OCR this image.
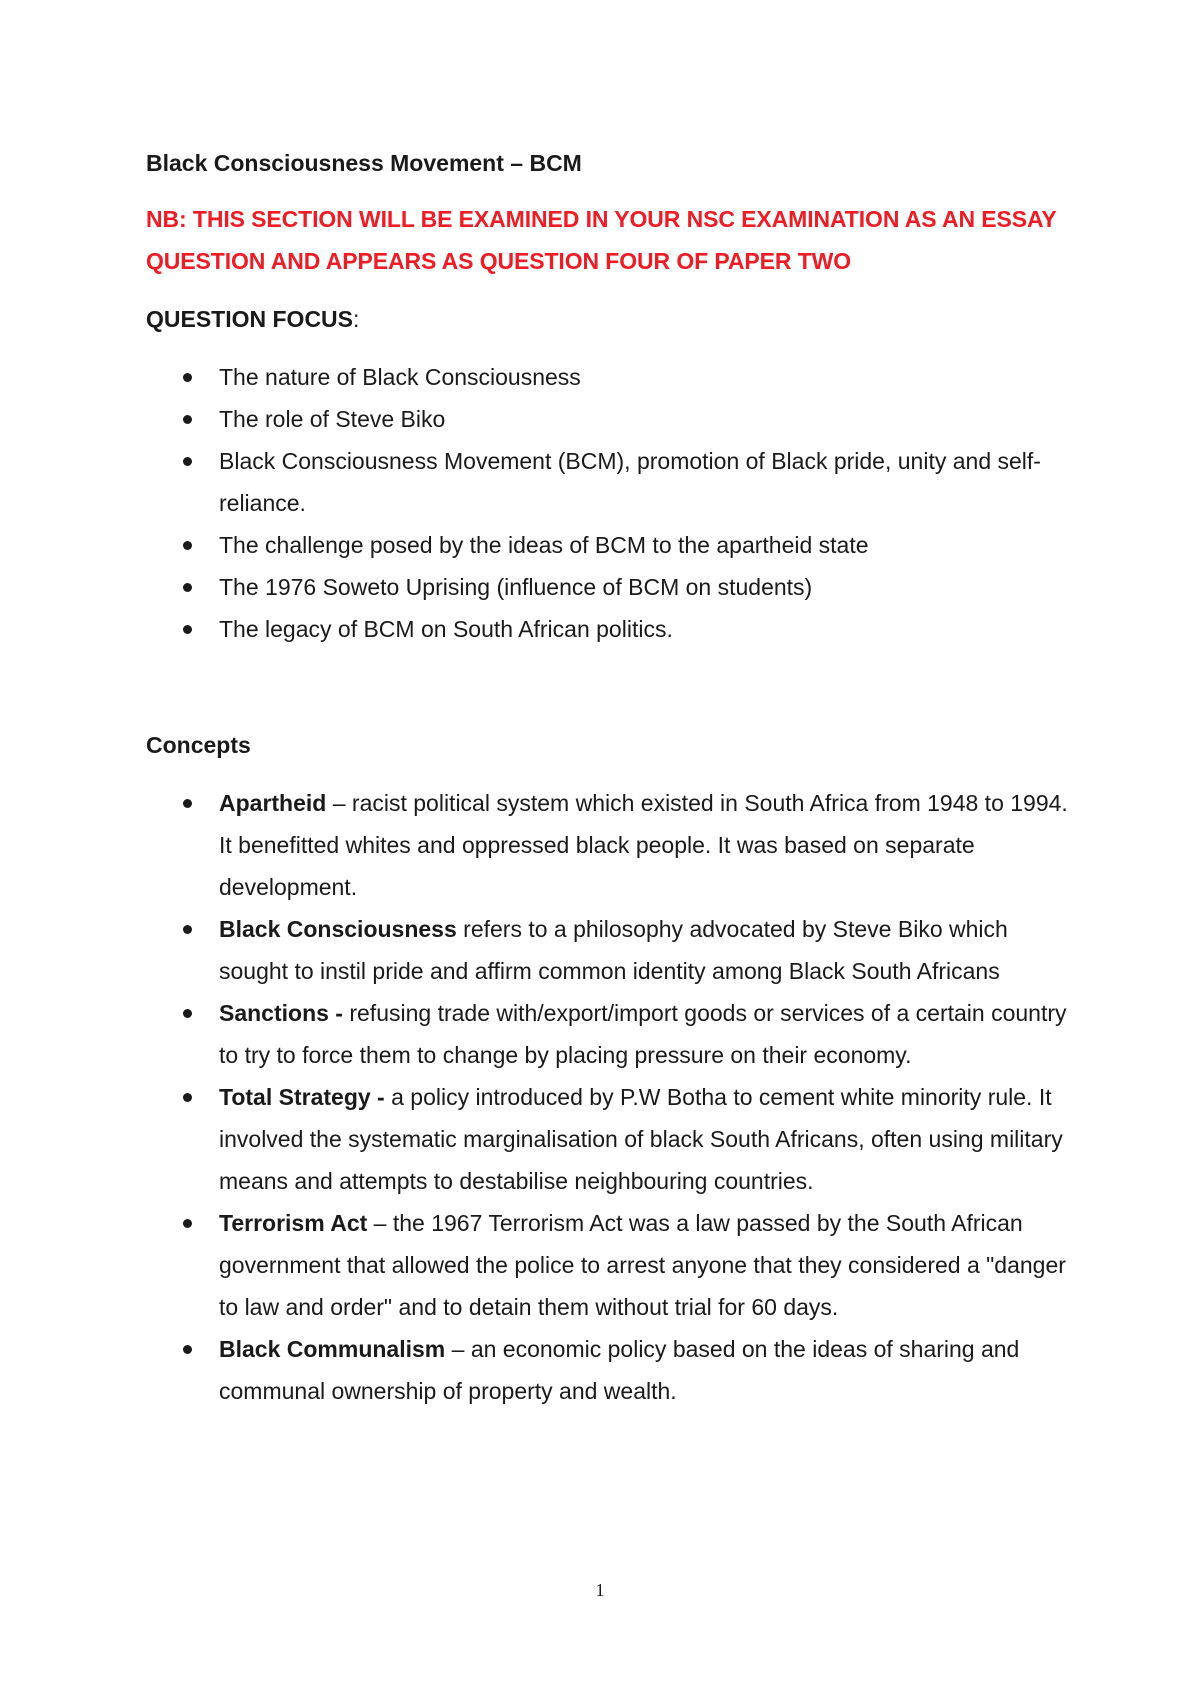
Black Consciousness Movement – BCM

NB: THIS SECTION WILL BE EXAMINED IN YOUR NSC EXAMINATION AS AN ESSAY QUESTION AND APPEARS AS QUESTION FOUR OF PAPER TWO

QUESTION FOCUS:

The nature of Black Consciousness
The role of Steve Biko
Black Consciousness Movement (BCM), promotion of Black pride, unity and self-reliance.
The challenge posed by the ideas of BCM to the apartheid state
The 1976 Soweto Uprising (influence of BCM on students)
The legacy of BCM on South African politics.

Concepts

Apartheid – racist political system which existed in South Africa from 1948 to 1994. It benefitted whites and oppressed black people. It was based on separate development.
Black Consciousness refers to a philosophy advocated by Steve Biko which sought to instil pride and affirm common identity among Black South Africans
Sanctions - refusing trade with/export/import goods or services of a certain country to try to force them to change by placing pressure on their economy.
Total Strategy - a policy introduced by P.W Botha to cement white minority rule. It involved the systematic marginalisation of black South Africans, often using military means and attempts to destabilise neighbouring countries.
Terrorism Act – the 1967 Terrorism Act was a law passed by the South African government that allowed the police to arrest anyone that they considered a "danger to law and order" and to detain them without trial for 60 days.
Black Communalism – an economic policy based on the ideas of sharing and communal ownership of property and wealth.
1
